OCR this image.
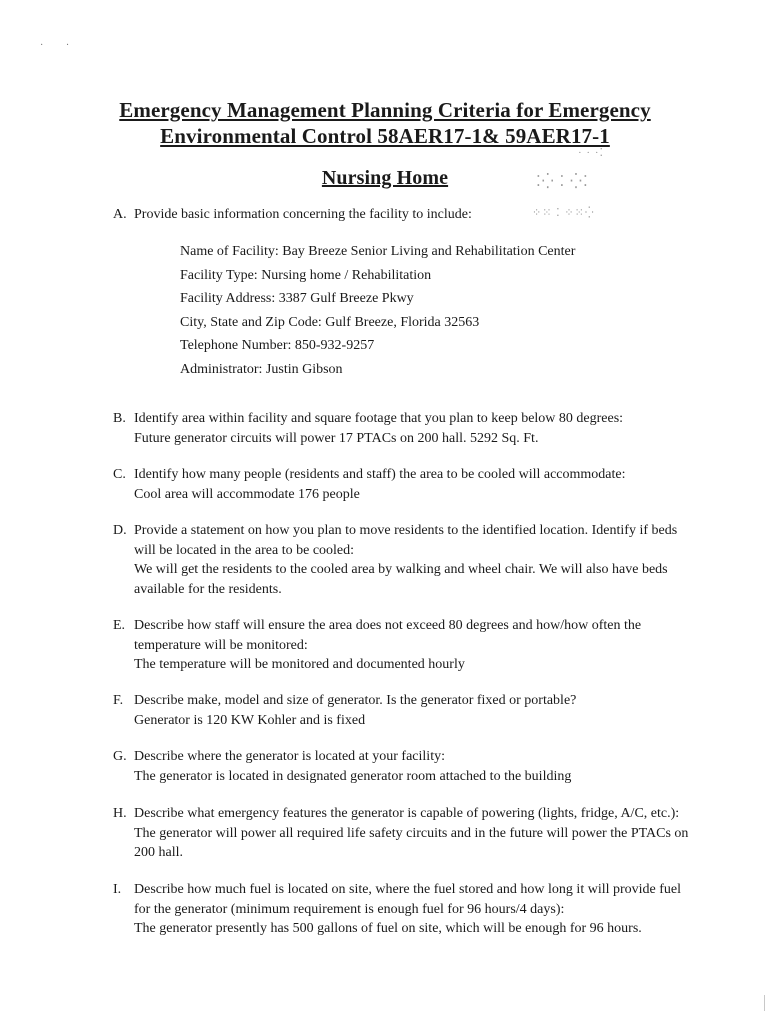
·         ·
· · ·⁚
⁚⁛ ⁚ ⁛⁚
⁘⁙ ⁚ ⁘⁙⁛
Emergency Management Planning Criteria for Emergency
Environmental Control 58AER17-1& 59AER17-1
Nursing Home
A. Provide basic information concerning the facility to include:
Name of Facility: Bay Breeze Senior Living and Rehabilitation Center
Facility Type: Nursing home / Rehabilitation
Facility Address: 3387 Gulf Breeze Pkwy
City, State and Zip Code: Gulf Breeze, Florida 32563
Telephone Number: 850-932-9257
Administrator: Justin Gibson
B. Identify area within facility and square footage that you plan to keep below 80 degrees:
Future generator circuits will power 17 PTACs on 200 hall. 5292 Sq. Ft.
C. Identify how many people (residents and staff) the area to be cooled will accommodate:
Cool area will accommodate 176 people
D. Provide a statement on how you plan to move residents to the identified location. Identify if beds will be located in the area to be cooled:
We will get the residents to the cooled area by walking and wheel chair. We will also have beds available for the residents.
E. Describe how staff will ensure the area does not exceed 80 degrees and how/how often the temperature will be monitored:
The temperature will be monitored and documented hourly
F. Describe make, model and size of generator. Is the generator fixed or portable?
Generator is 120 KW Kohler and is fixed
G. Describe where the generator is located at your facility:
The generator is located in designated generator room attached to the building
H. Describe what emergency features the generator is capable of powering (lights, fridge, A/C, etc.):
The generator will power all required life safety circuits and in the future will power the PTACs on 200 hall.
I. Describe how much fuel is located on site, where the fuel stored and how long it will provide fuel for the generator (minimum requirement is enough fuel for 96 hours/4 days):
The generator presently has 500 gallons of fuel on site, which will be enough for 96 hours.
